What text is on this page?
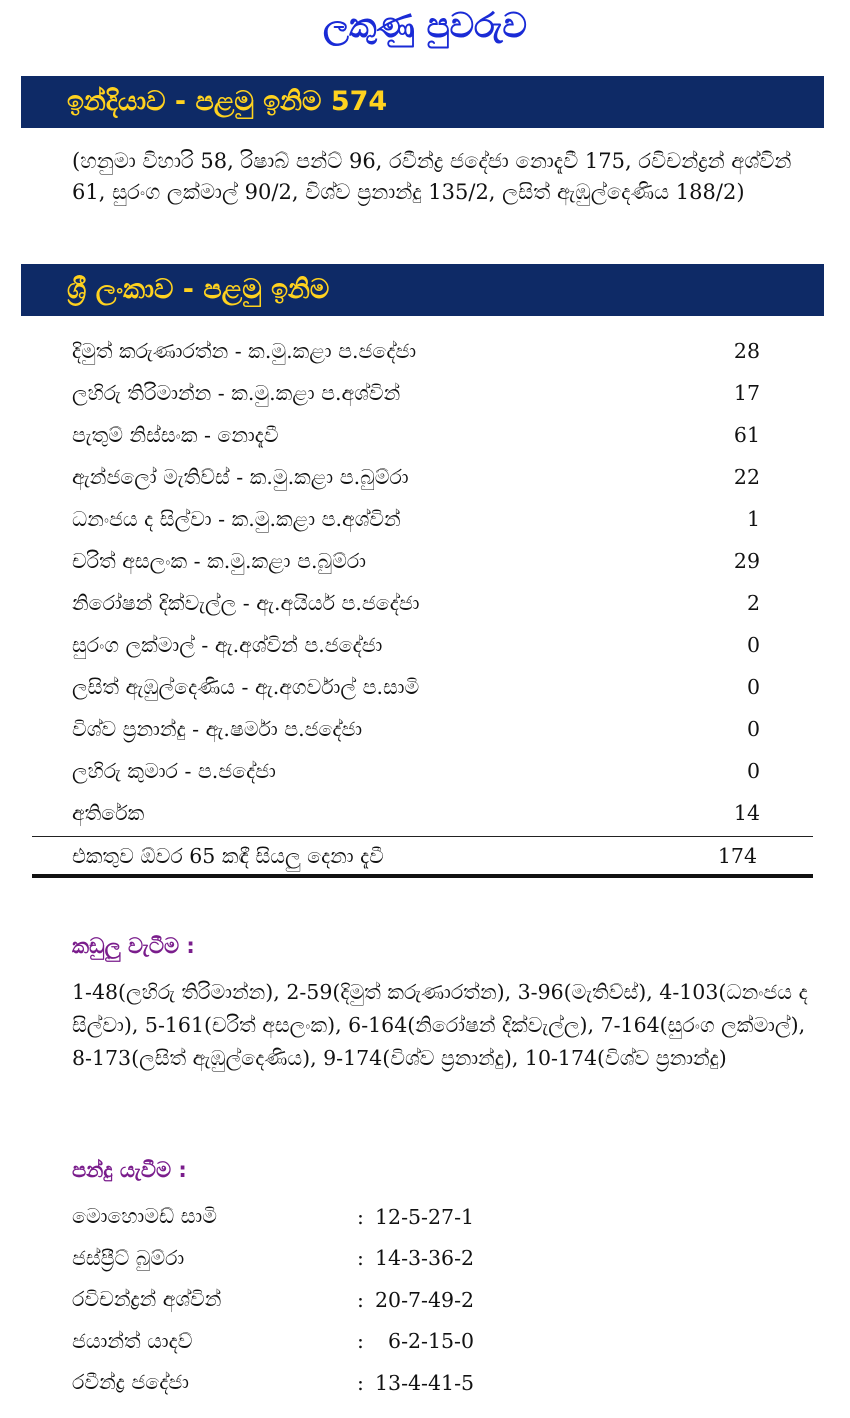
ලකුණු පුවරුව
ඉන්දියාව - පළමු ඉනිම 574
(හනුමා විහාරි 58, රිෂාබ් පන්ට් 96, රවීන්ද්‍ර ජදේජා නොදැවී 175, රවිචන්ද්‍රන් අශ්වින් 61, සුරංග ලක්මාල් 90/2, විශ්ව ප්‍රනාන්දු 135/2, ලසිත් ඇඹුල්දෙණිය 188/2)
ශ්‍රී ලංකාව - පළමු ඉනිම
දිමුත් කරුණාරත්න - ක.මු.කළා ප.ජදේජා	28
ලහිරු තිරිමාන්න - ක.මු.කළා ප.අශ්වින්	17
පැතුම් නිස්සංක - නොදැවී	61
ඇන්ජලෝ මැතිව්ස් - ක.මු.කළා ප.බුම්රා	22
ධනංජය ද සිල්වා - ක.මු.කළා ප.අශ්වින්	1
චරිත් අසලංක - ක.මු.කළා ප.බුම්රා	29
නිරෝෂන් දික්වැල්ල - ඇ.අයියර් ප.ජදේජා	2
සුරංග ලක්මාල් - ඇ.අශ්වින් ප.ජදේජා	0
ලසිත් ඇඹුල්දෙණිය - ඇ.අගර්වාල් ප.සාමි	0
විශ්ව ප්‍රනාන්දු - ඇ.ෂර්මා ප.ජදේජා	0
ලහිරු කුමාර - ප.ජදේජා	0
අතිරේක	14
එකතුව ඕවර 65 කඳී සියලු දෙනා දැවී	174
කඩුලු වැටීම :
1-48(ලහිරු තිරිමාන්න), 2-59(දිමුත් කරුණාරත්න), 3-96(මැතිව්ස්), 4-103(ධනංජය ද සිල්වා), 5-161(චරිත් අසලංක), 6-164(නිරෝෂන් දික්වැල්ල), 7-164(සුරංග ලක්මාල්), 8-173(ලසිත් ඇඹුල්දෙණිය), 9-174(විශ්ව ප්‍රනාන්දු), 10-174(විශ්ව ප්‍රනාන්දු)
පන්දු යැවීම :
මොහොමඩ් සාමි	: 12-5-27-1
ජස්ප්‍රීට් බුම්රා	: 14-3-36-2
රවිචන්ද්‍රන් අශ්වින්	: 20-7-49-2
ජයාන්ත් යාදව්	: 6-2-15-0
රවීන්ද්‍ර ජදේජා	: 13-4-41-5
